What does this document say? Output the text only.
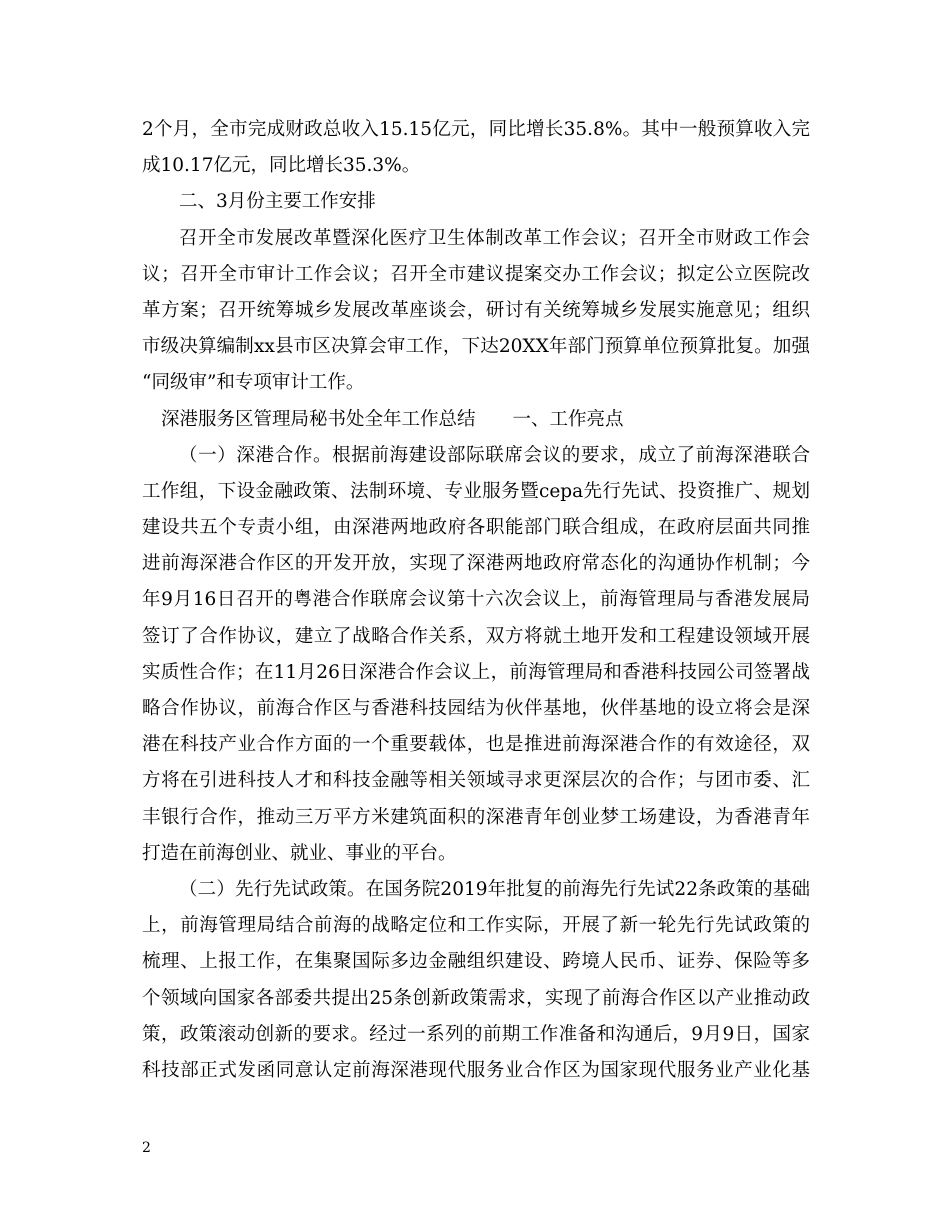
2个月，全市完成财政总收入15.15亿元，同比增长35.8%。其中一般预算收入完
成10.17亿元，同比增长35.3%。
二、3月份主要工作安排
召开全市发展改革暨深化医疗卫生体制改革工作会议；召开全市财政工作会
议；召开全市审计工作会议；召开全市建议提案交办工作会议；拟定公立医院改
革方案；召开统筹城乡发展改革座谈会，研讨有关统筹城乡发展实施意见；组织
市级决算编制xx县市区决算会审工作，下达20XX年部门预算单位预算批复。加强
“同级审”和专项审计工作。
深港服务区管理局秘书处全年工作总结　　一、工作亮点
（一）深港合作。根据前海建设部际联席会议的要求，成立了前海深港联合
工作组，下设金融政策、法制环境、专业服务暨cepa先行先试、投资推广、规划
建设共五个专责小组，由深港两地政府各职能部门联合组成，在政府层面共同推
进前海深港合作区的开发开放，实现了深港两地政府常态化的沟通协作机制；今
年9月16日召开的粤港合作联席会议第十六次会议上，前海管理局与香港发展局
签订了合作协议，建立了战略合作关系，双方将就土地开发和工程建设领域开展
实质性合作；在11月26日深港合作会议上，前海管理局和香港科技园公司签署战
略合作协议，前海合作区与香港科技园结为伙伴基地，伙伴基地的设立将会是深
港在科技产业合作方面的一个重要载体，也是推进前海深港合作的有效途径，双
方将在引进科技人才和科技金融等相关领域寻求更深层次的合作；与团市委、汇
丰银行合作，推动三万平方米建筑面积的深港青年创业梦工场建设，为香港青年
打造在前海创业、就业、事业的平台。
（二）先行先试政策。在国务院2019年批复的前海先行先试22条政策的基础
上，前海管理局结合前海的战略定位和工作实际，开展了新一轮先行先试政策的
梳理、上报工作，在集聚国际多边金融组织建设、跨境人民币、证券、保险等多
个领域向国家各部委共提出25条创新政策需求，实现了前海合作区以产业推动政
策，政策滚动创新的要求。经过一系列的前期工作准备和沟通后，9月9日，国家
科技部正式发函同意认定前海深港现代服务业合作区为国家现代服务业产业化基
2
